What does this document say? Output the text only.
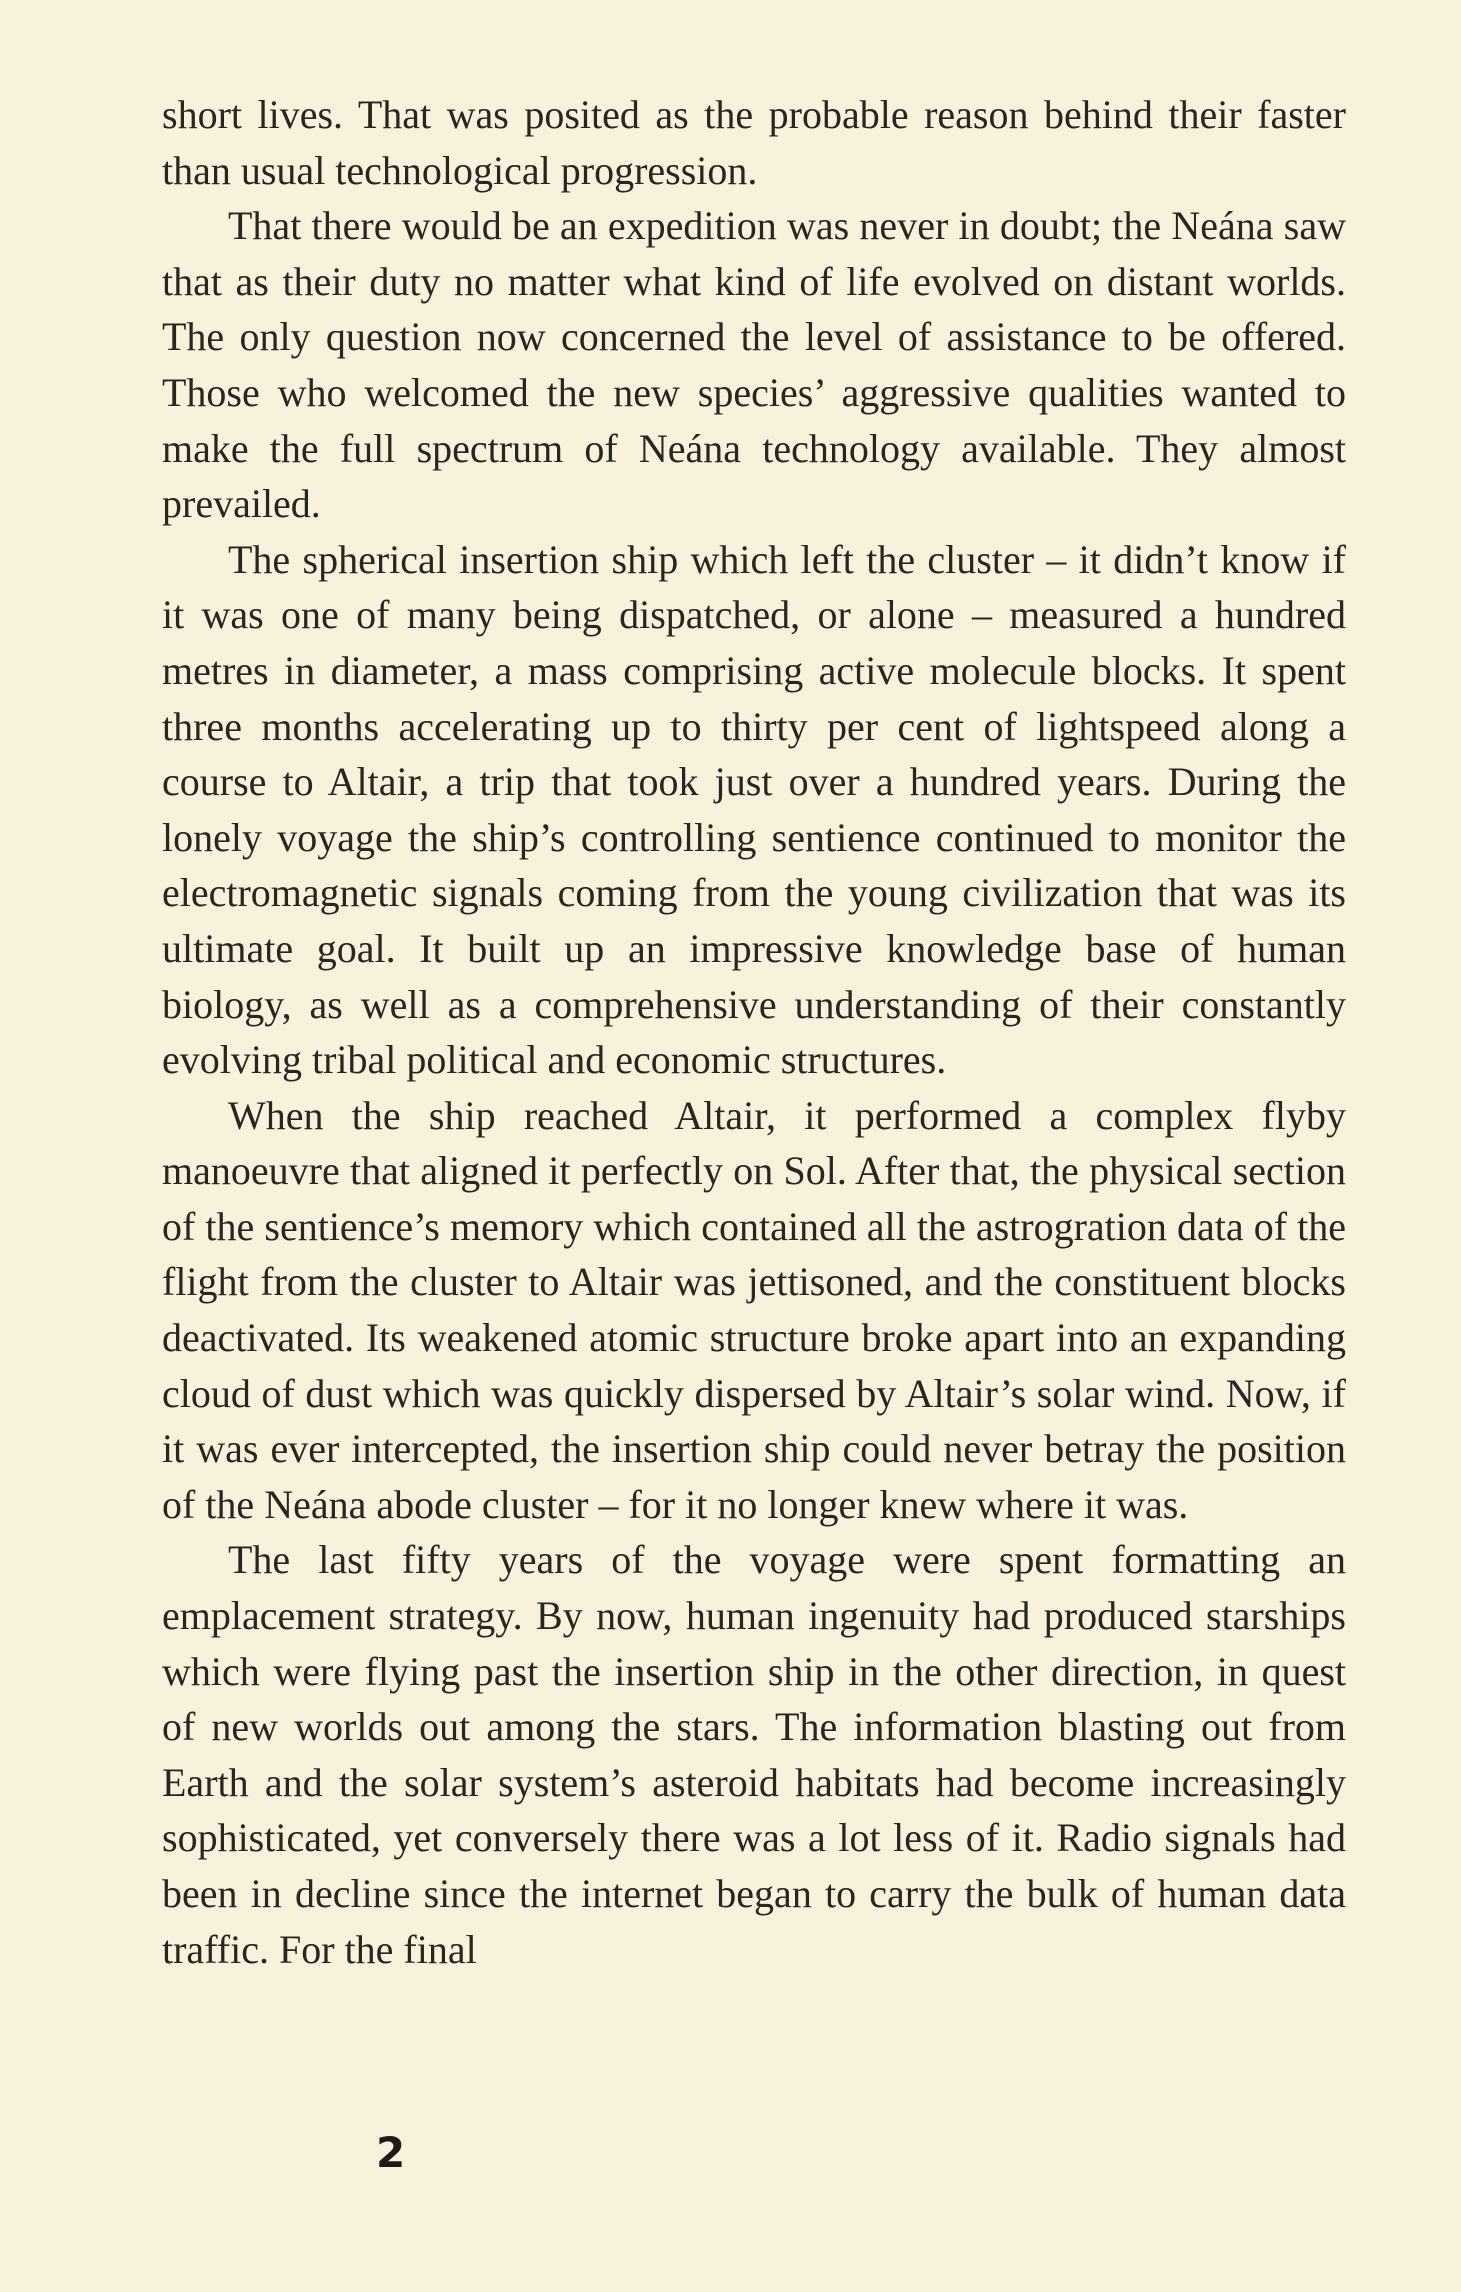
short lives. That was posited as the probable reason behind their faster than usual technological progression.

That there would be an expedition was never in doubt; the Neána saw that as their duty no matter what kind of life evolved on distant worlds. The only question now concerned the level of assistance to be offered. Those who welcomed the new species’ aggressive qualities wanted to make the full spectrum of Neána technology available. They almost prevailed.

The spherical insertion ship which left the cluster – it didn’t know if it was one of many being dispatched, or alone – measured a hundred metres in diameter, a mass comprising active molecule blocks. It spent three months accelerating up to thirty per cent of lightspeed along a course to Altair, a trip that took just over a hundred years. During the lonely voyage the ship’s controlling sentience continued to monitor the electromagnetic signals coming from the young civilization that was its ultimate goal. It built up an impressive knowledge base of human biology, as well as a comprehensive understanding of their constantly evolving tribal political and economic structures.

When the ship reached Altair, it performed a complex flyby manoeuvre that aligned it perfectly on Sol. After that, the physical section of the sentience’s memory which contained all the astrogration data of the flight from the cluster to Altair was jettisoned, and the constituent blocks deactivated. Its weakened atomic structure broke apart into an expanding cloud of dust which was quickly dispersed by Altair’s solar wind. Now, if it was ever intercepted, the insertion ship could never betray the position of the Neána abode cluster – for it no longer knew where it was.

The last fifty years of the voyage were spent formatting an emplacement strategy. By now, human ingenuity had produced starships which were flying past the insertion ship in the other direction, in quest of new worlds out among the stars. The information blasting out from Earth and the solar system’s asteroid habitats had become increasingly sophisticated, yet conversely there was a lot less of it. Radio signals had been in decline since the internet began to carry the bulk of human data traffic. For the final

2
